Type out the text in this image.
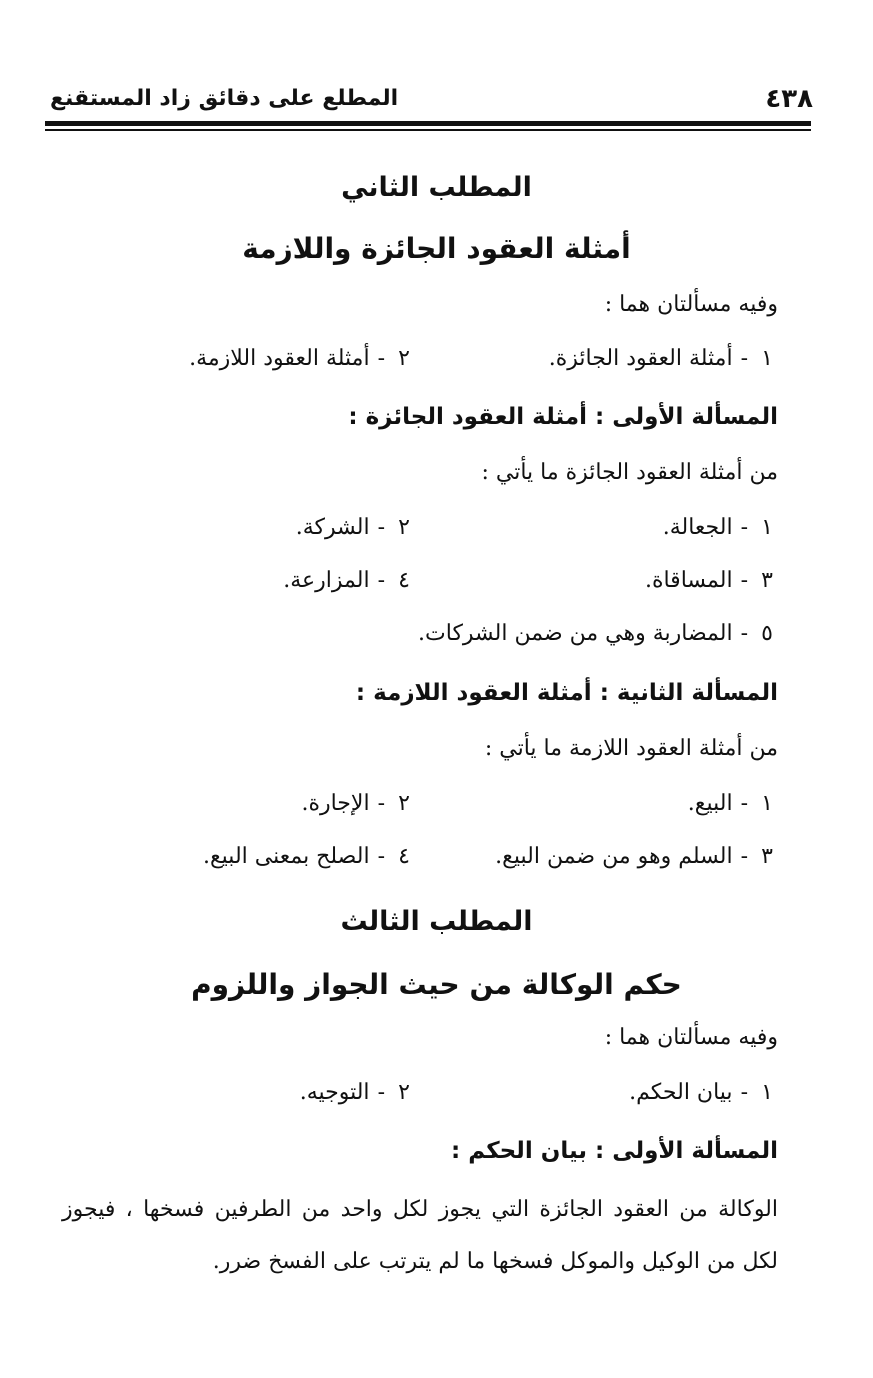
٤٣٨
المطلع على دقائق زاد المستقنع
المطلب الثاني
أمثلة العقود الجائزة واللازمة
وفيه مسألتان هما :
١-أمثلة العقود الجائزة.
٢-أمثلة العقود اللازمة.
المسألة الأولى : أمثلة العقود الجائزة :
من أمثلة العقود الجائزة ما يأتي :
١-الجعالة.
٢-الشركة.
٣-المساقاة.
٤-المزارعة.
٥-المضاربة وهي من ضمن الشركات.
المسألة الثانية : أمثلة العقود اللازمة :
من أمثلة العقود اللازمة ما يأتي :
١-البيع.
٢-الإجارة.
٣-السلم وهو من ضمن البيع.
٤-الصلح بمعنى البيع.
المطلب الثالث
حكم الوكالة من حيث الجواز واللزوم
وفيه مسألتان هما :
١-بيان الحكم.
٢-التوجيه.
المسألة الأولى : بيان الحكم :
الوكالة من العقود الجائزة التي يجوز لكل واحد من الطرفين فسخها ، فيجوز لكل من الوكيل والموكل فسخها ما لم يترتب على الفسخ ضرر.
